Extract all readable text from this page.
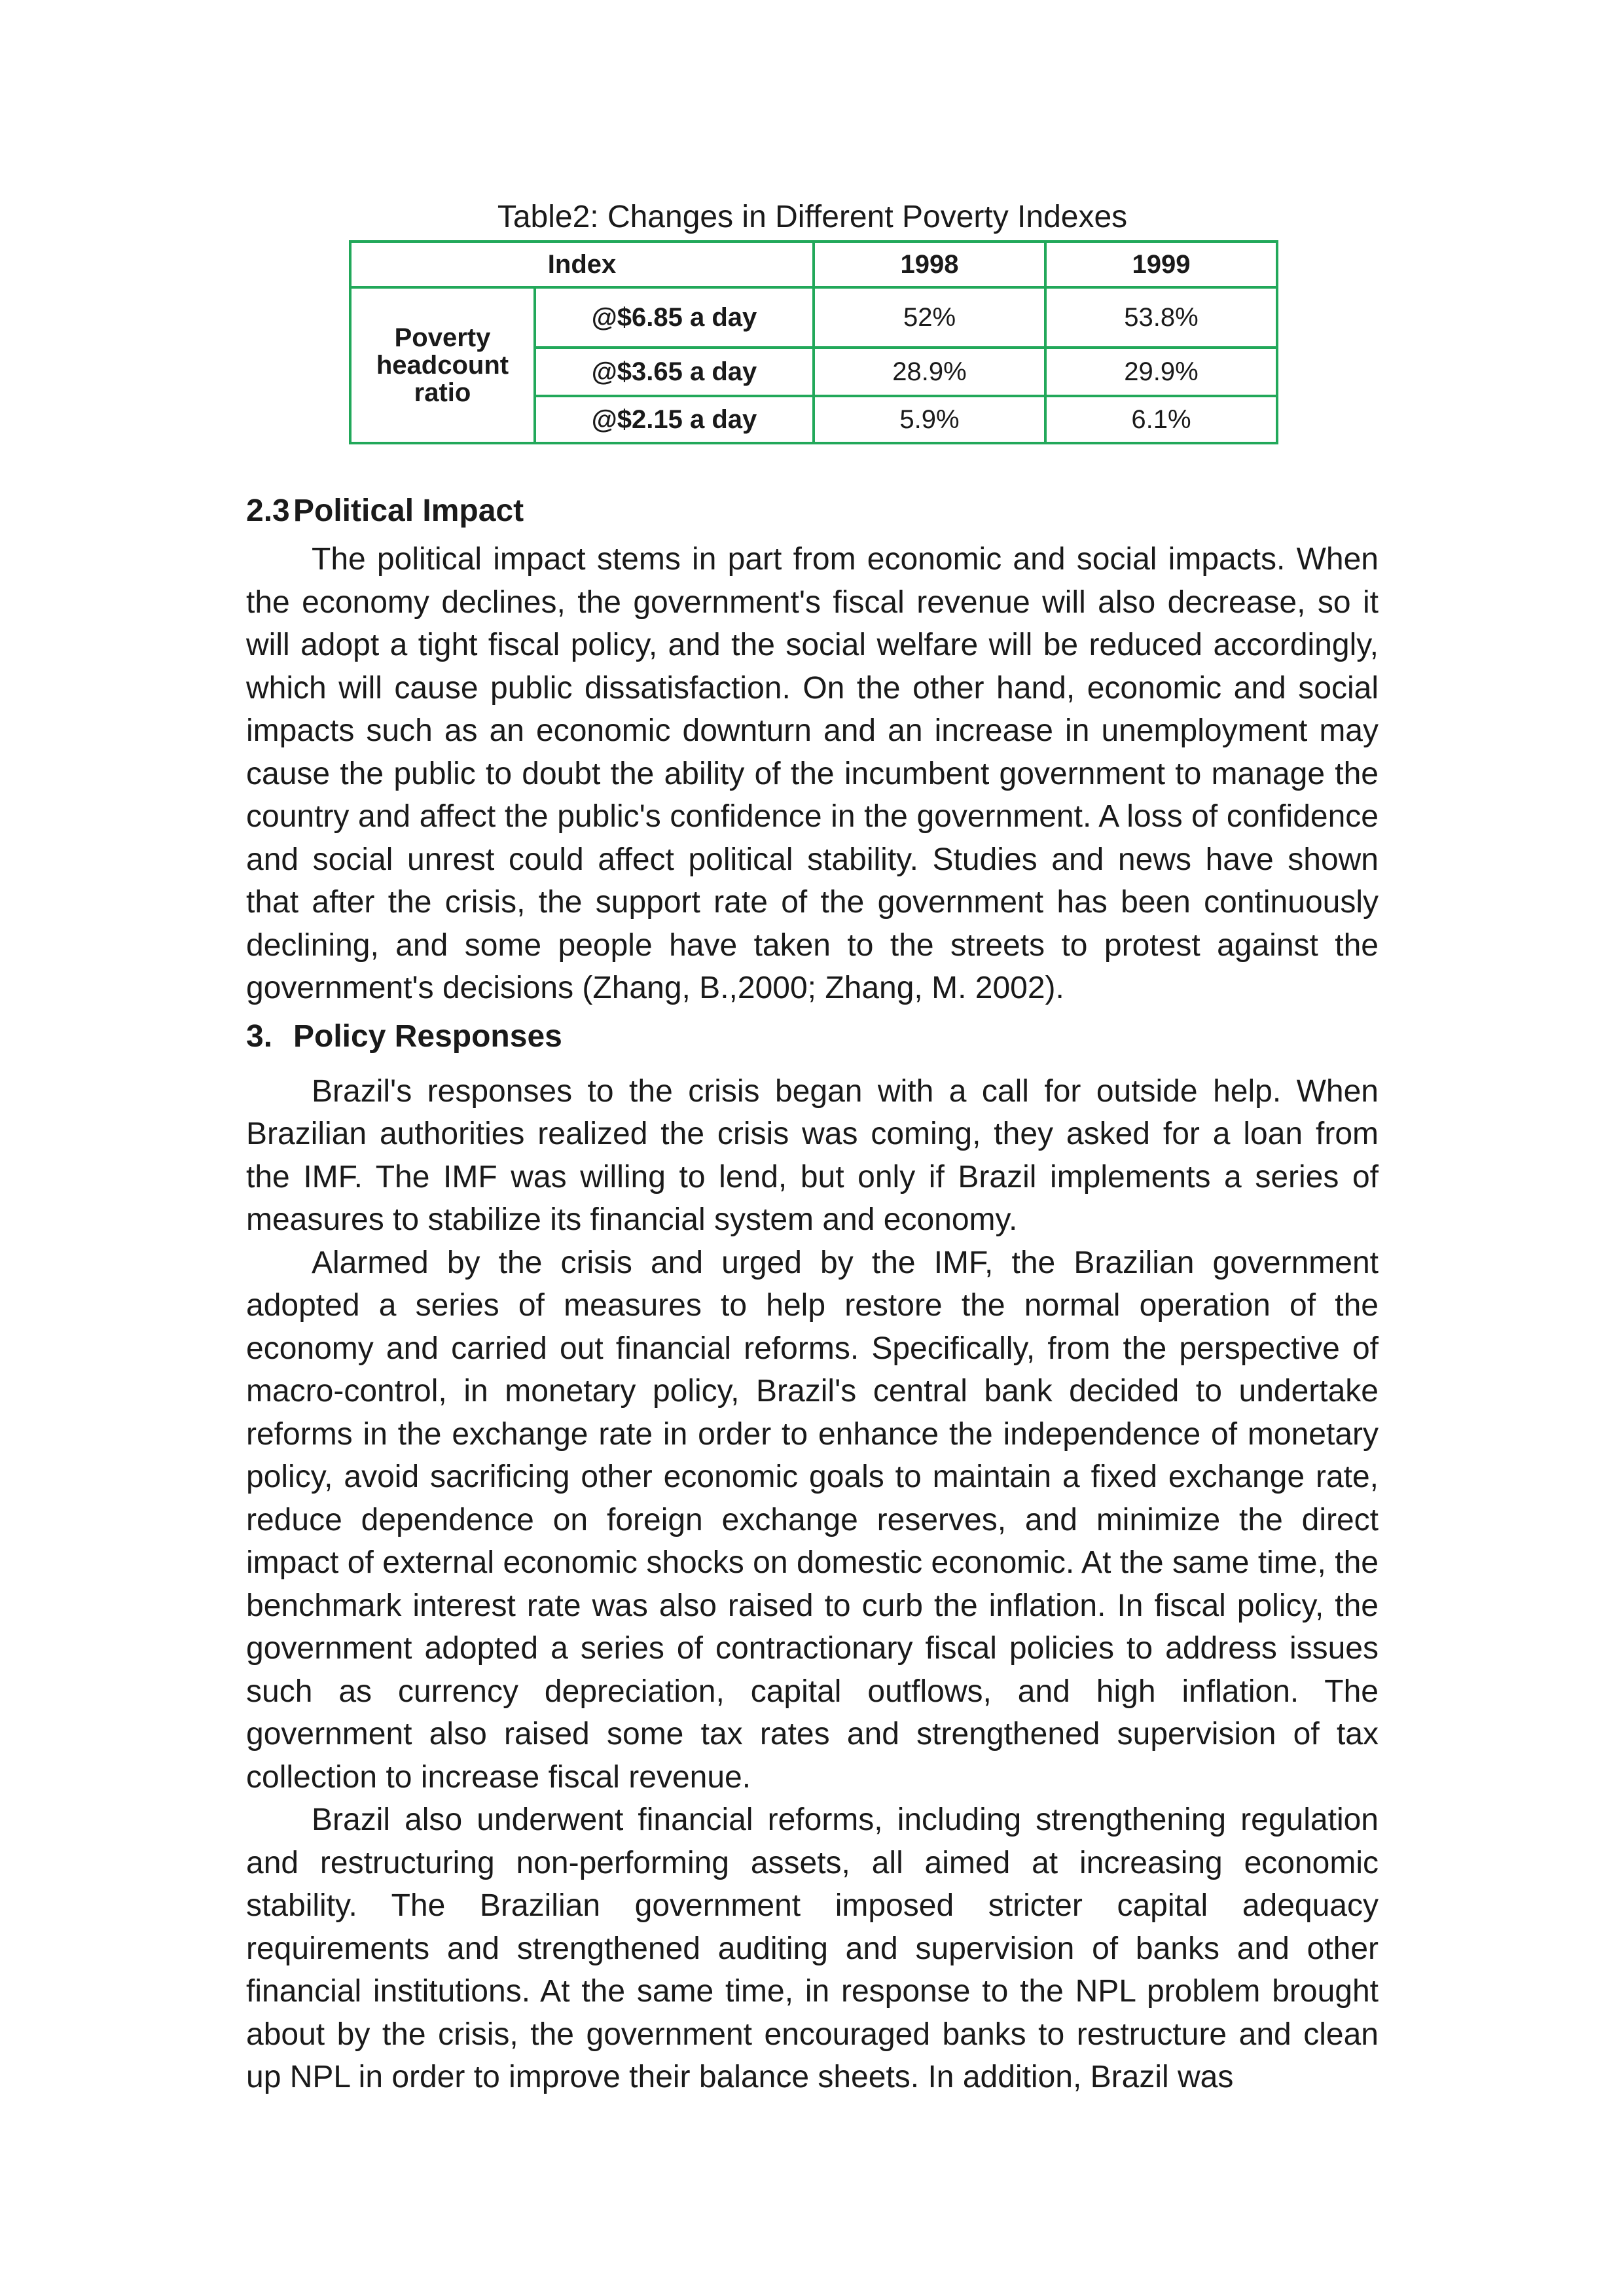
Table2: Changes in Different Poverty Indexes

Index		1998	1999
Poverty headcount ratio	@$6.85 a day	52%	53.8%
	@$3.65 a day	28.9%	29.9%
	@$2.15 a day	5.9%	6.1%
2.3 Political Impact

The political impact stems in part from economic and social impacts. When the economy declines, the government's fiscal revenue will also decrease, so it will adopt a tight fiscal policy, and the social welfare will be reduced accordingly, which will cause public dissatisfaction. On the other hand, economic and social impacts such as an economic downturn and an increase in unemployment may cause the public to doubt the ability of the incumbent government to manage the country and affect the public's confidence in the government. A loss of confidence and social unrest could affect political stability. Studies and news have shown that after the crisis, the support rate of the government has been continuously declining, and some people have taken to the streets to protest against the government's decisions (Zhang, B.,2000; Zhang, M. 2002).

3. Policy Responses

Brazil's responses to the crisis began with a call for outside help. When Brazilian authorities realized the crisis was coming, they asked for a loan from the IMF. The IMF was willing to lend, but only if Brazil implements a series of measures to stabilize its financial system and economy.

Alarmed by the crisis and urged by the IMF, the Brazilian government adopted a series of measures to help restore the normal operation of the economy and carried out financial reforms. Specifically, from the perspective of macro-control, in monetary policy, Brazil's central bank decided to undertake reforms in the exchange rate in order to enhance the independence of monetary policy, avoid sacrificing other economic goals to maintain a fixed exchange rate, reduce dependence on foreign exchange reserves, and minimize the direct impact of external economic shocks on domestic economic. At the same time, the benchmark interest rate was also raised to curb the inflation. In fiscal policy, the government adopted a series of contractionary fiscal policies to address issues such as currency depreciation, capital outflows, and high inflation. The government also raised some tax rates and strengthened supervision of tax collection to increase fiscal revenue.

Brazil also underwent financial reforms, including strengthening regulation and restructuring non-performing assets, all aimed at increasing economic stability. The Brazilian government imposed stricter capital adequacy requirements and strengthened auditing and supervision of banks and other financial institutions. At the same time, in response to the NPL problem brought about by the crisis, the government encouraged banks to restructure and clean up NPL in order to improve their balance sheets. In addition, Brazil was
